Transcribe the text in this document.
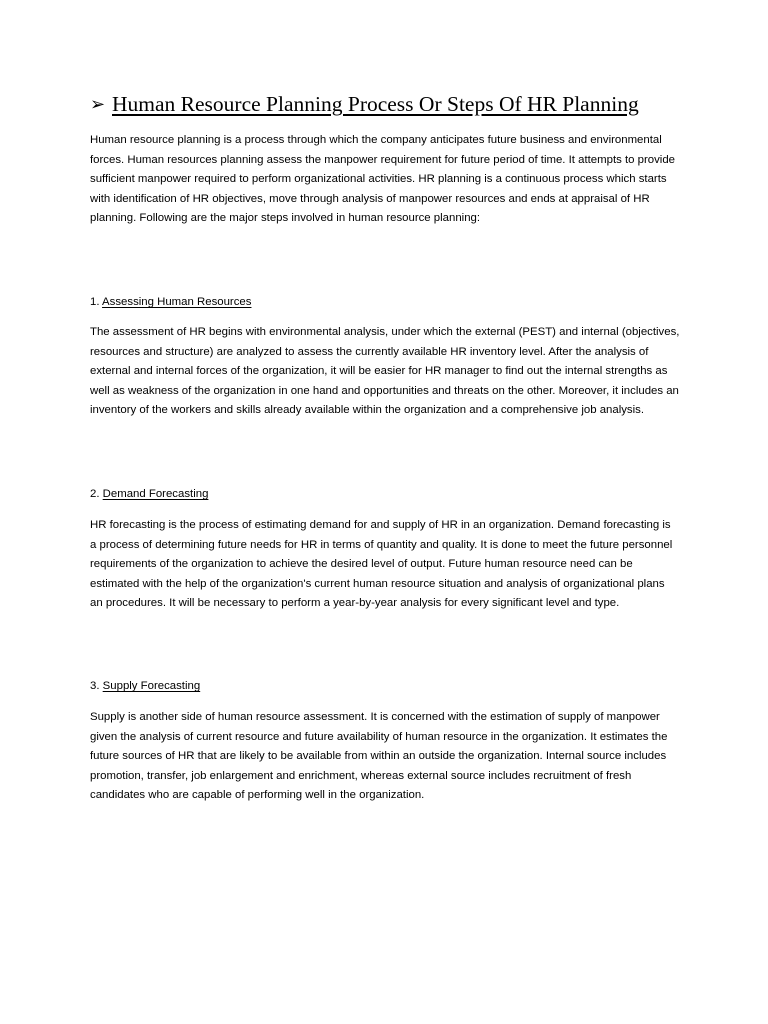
➢ Human Resource Planning Process Or Steps Of HR Planning

Human resource planning is a process through which the company anticipates future business and environmental forces. Human resources planning assess the manpower requirement for future period of time. It attempts to provide sufficient manpower required to perform organizational activities. HR planning is a continuous process which starts with identification of HR objectives, move through analysis of manpower resources and ends at appraisal of HR planning. Following are the major steps involved in human resource planning:

1. Assessing Human Resources

The assessment of HR begins with environmental analysis, under which the external (PEST) and internal (objectives, resources and structure) are analyzed to assess the currently available HR inventory level. After the analysis of external and internal forces of the organization, it will be easier for HR manager to find out the internal strengths as well as weakness of the organization in one hand and opportunities and threats on the other. Moreover, it includes an inventory of the workers and skills already available within the organization and a comprehensive job analysis.

2. Demand Forecasting

HR forecasting is the process of estimating demand for and supply of HR in an organization. Demand forecasting is a process of determining future needs for HR in terms of quantity and quality. It is done to meet the future personnel requirements of the organization to achieve the desired level of output. Future human resource need can be estimated with the help of the organization's current human resource situation and analysis of organizational plans an procedures. It will be necessary to perform a year-by-year analysis for every significant level and type.

3. Supply Forecasting

Supply is another side of human resource assessment. It is concerned with the estimation of supply of manpower given the analysis of current resource and future availability of human resource in the organization. It estimates the future sources of HR that are likely to be available from within an outside the organization. Internal source includes promotion, transfer, job enlargement and enrichment, whereas external source includes recruitment of fresh candidates who are capable of performing well in the organization.
